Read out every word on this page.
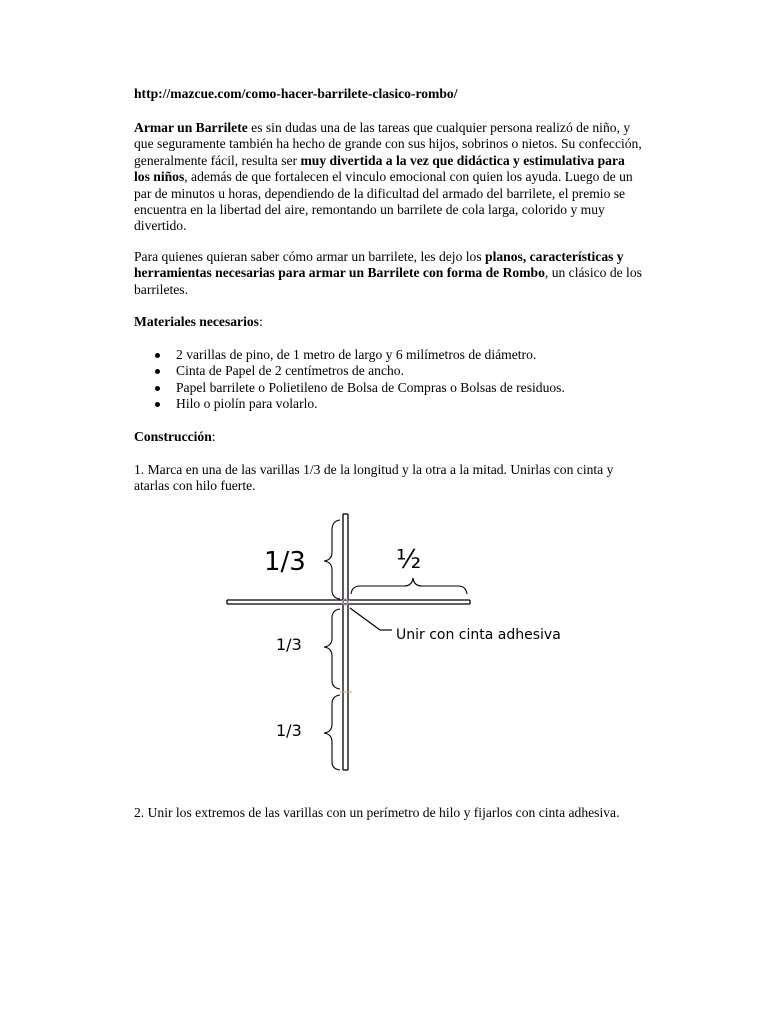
http://mazcue.com/como-hacer-barrilete-clasico-rombo/

Armar un Barrilete es sin dudas una de las tareas que cualquier persona realizó de niño, y que seguramente también ha hecho de grande con sus hijos, sobrinos o nietos. Su confección, generalmente fácil, resulta ser muy divertida a la vez que didáctica y estimulativa para los niños, además de que fortalecen el vinculo emocional con quien los ayuda. Luego de un par de minutos u horas, dependiendo de la dificultad del armado del barrilete, el premio se encuentra en la libertad del aire, remontando un barrilete de cola larga, colorido y muy divertido.

Para quienes quieran saber cómo armar un barrilete, les dejo los planos, características y herramientas necesarias para armar un Barrilete con forma de Rombo, un clásico de los barriletes.

Materiales necesarios:

2 varillas de pino, de 1 metro de largo y 6 milímetros de diámetro.
Cinta de Papel de 2 centímetros de ancho.
Papel barrilete o Polietileno de Bolsa de Compras o Bolsas de residuos.
Hilo o piolín para volarlo.

Construcción:

1. Marca en una de las varillas 1/3 de la longitud y la otra a la mitad. Unirlas con cinta y atarlas con hilo fuerte.

1/3	½
1/3
1/3
Unir con cinta adhesiva

2. Unir los extremos de las varillas con un perímetro de hilo y fijarlos con cinta adhesiva.
